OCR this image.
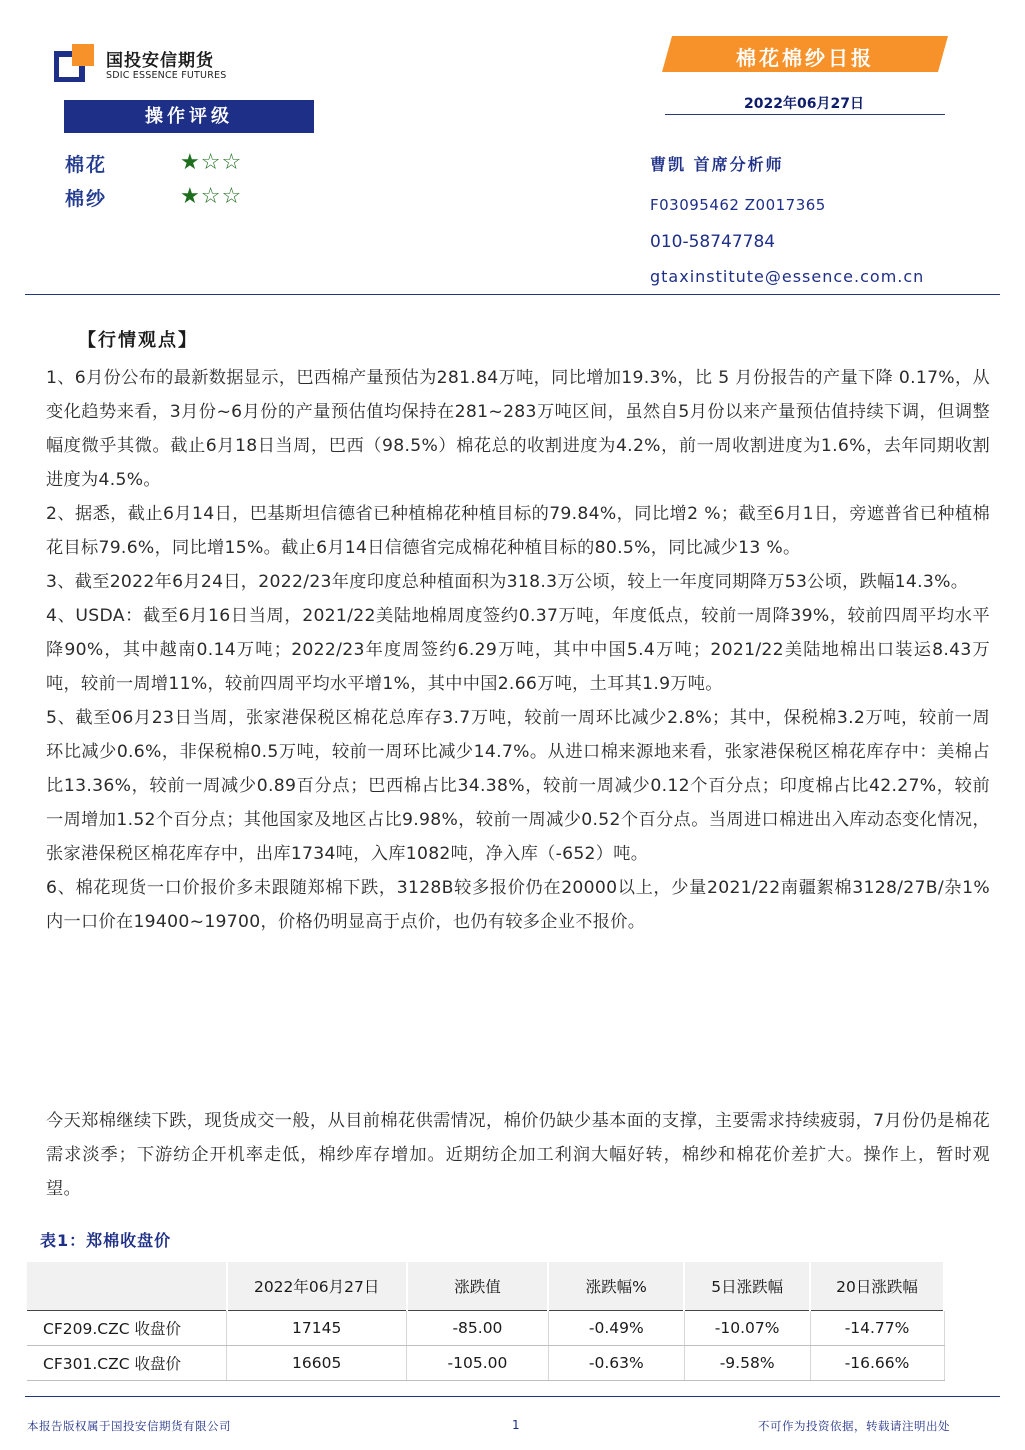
国投安信期货
SDIC ESSENCE FUTURES
棉花棉纱日报
2022年06月27日
操作评级
棉花	★☆☆
棉纱	★☆☆
曹凯 首席分析师
F03095462 Z0017365
010-58747784
gtaxinstitute@essence.com.cn
【行情观点】

1、6月份公布的最新数据显示，巴西棉产量预估为281.84万吨，同比增加19.3%，比 5 月份报告的产量下降 0.17%，从变化趋势来看，3月份~6月份的产量预估值均保持在281~283万吨区间，虽然自5月份以来产量预估值持续下调，但调整幅度微乎其微。截止6月18日当周，巴西（98.5%）棉花总的收割进度为4.2%，前一周收割进度为1.6%，去年同期收割进度为4.5%。

2、据悉，截止6月14日，巴基斯坦信德省已种植棉花种植目标的79.84%，同比增2 %；截至6月1日，旁遮普省已种植棉花目标79.6%，同比增15%。截止6月14日信德省完成棉花种植目标的80.5%，同比减少13 %。

3、截至2022年6月24日，2022/23年度印度总种植面积为318.3万公顷，较上一年度同期降万53公顷，跌幅14.3%。

4、USDA：截至6月16日当周，2021/22美陆地棉周度签约0.37万吨，年度低点，较前一周降39%，较前四周平均水平降90%，其中越南0.14万吨；2022/23年度周签约6.29万吨，其中中国5.4万吨；2021/22美陆地棉出口装运8.43万吨，较前一周增11%，较前四周平均水平增1%，其中中国2.66万吨，土耳其1.9万吨。

5、截至06月23日当周，张家港保税区棉花总库存3.7万吨，较前一周环比减少2.8%；其中，保税棉3.2万吨，较前一周环比减少0.6%，非保税棉0.5万吨，较前一周环比减少14.7%。从进口棉来源地来看，张家港保税区棉花库存中：美棉占比13.36%，较前一周减少0.89百分点；巴西棉占比34.38%，较前一周减少0.12个百分点；印度棉占比42.27%，较前一周增加1.52个百分点；其他国家及地区占比9.98%，较前一周减少0.52个百分点。当周进口棉进出入库动态变化情况，张家港保税区棉花库存中，出库1734吨，入库1082吨，净入库（-652）吨。

6、棉花现货一口价报价多未跟随郑棉下跌，3128B较多报价仍在20000以上，少量2021/22南疆絮棉3128/27B/杂1%内一口价在19400~19700，价格仍明显高于点价，也仍有较多企业不报价。

今天郑棉继续下跌，现货成交一般，从目前棉花供需情况，棉价仍缺少基本面的支撑，主要需求持续疲弱，7月份仍是棉花需求淡季；下游纺企开机率走低，棉纱库存增加。近期纺企加工利润大幅好转，棉纱和棉花价差扩大。操作上，暂时观望。
表1：郑棉收盘价
	2022年06月27日	涨跌值	涨跌幅%	5日涨跌幅	20日涨跌幅
CF209.CZC 收盘价	17145	-85.00	-0.49%	-10.07%	-14.77%
CF301.CZC 收盘价	16605	-105.00	-0.63%	-9.58%	-16.66%
本报告版权属于国投安信期货有限公司	1	不可作为投资依据，转载请注明出处
